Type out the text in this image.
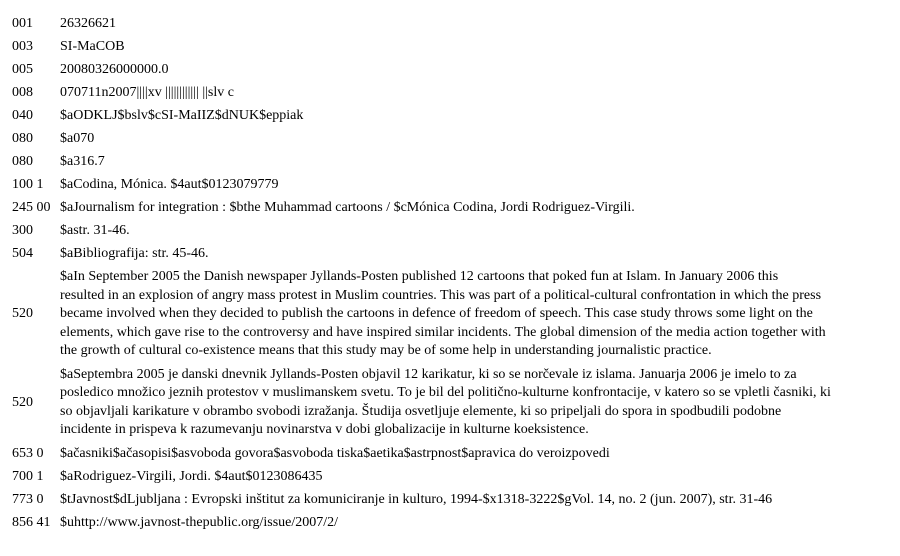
001	26326621
003	SI-MaCOB
005	20080326000000.0
008	070711n2007||||xv |||||||||||| ||slv c
040	$aODKLJ$bslv$cSI-MaIIZ$dNUK$eppiak
080	$a070
080	$a316.7
100 1	$aCodina, Mónica. $4aut$0123079779
245 00 $aJournalism for integration : $bthe Muhammad cartoons / $cMónica Codina, Jordi Rodriguez-Virgili.
300	$astr. 31-46.
504	$aBibliografija: str. 45-46.
520
$aIn September 2005 the Danish newspaper Jyllands-Posten published 12 cartoons that poked fun at Islam. In January 2006 this
resulted in an explosion of angry mass protest in Muslim countries. This was part of a political-cultural confrontation in which the press
became involved when they decided to publish the cartoons in defence of freedom of speech. This case study throws some light on the
elements, which gave rise to the controversy and have inspired similar incidents. The global dimension of the media action together with
the growth of cultural co-existence means that this study may be of some help in understanding journalistic practice.
520
$aSeptembra 2005 je danski dnevnik Jyllands-Posten objavil 12 karikatur, ki so se norčevale iz islama. Januarja 2006 je imelo to za
posledico množico jeznih protestov v muslimanskem svetu. To je bil del politično-kulturne konfrontacije, v katero so se vpletli časniki, ki
so objavljali karikature v obrambo svobodi izražanja. Študija osvetljuje elemente, ki so pripeljali do spora in spodbudili podobne
incidente in prispeva k razumevanju novinarstva v dobi globalizacije in kulturne koeksistence.
653 0	$ačasniki$ačasopisi$asvoboda govora$asvoboda tiska$aetika$astrpnost$apravica do veroizpovedi
700 1	$aRodriguez-Virgili, Jordi. $4aut$0123086435
773 0	$tJavnost$dLjubljana : Evropski inštitut za komuniciranje in kulturo, 1994-$x1318-3222$gVol. 14, no. 2 (jun. 2007), str. 31-46
856 41 $uhttp://www.javnost-thepublic.org/issue/2007/2/
